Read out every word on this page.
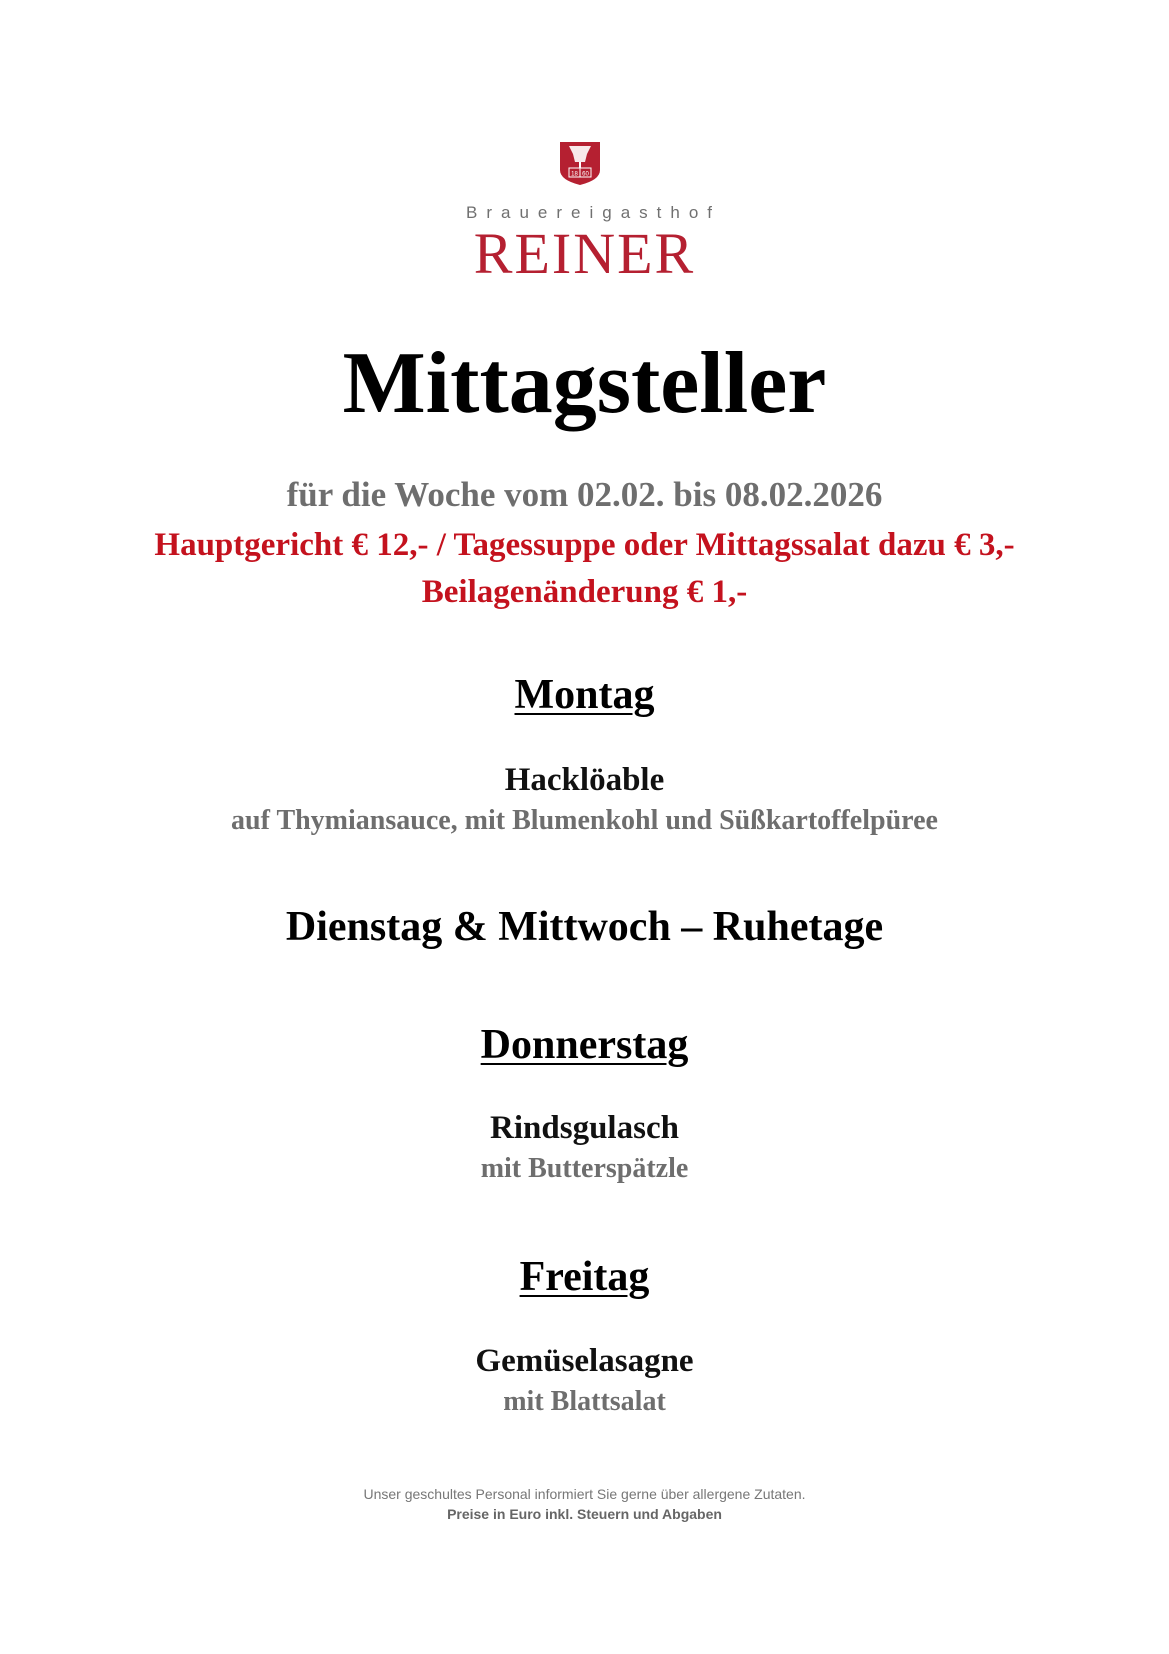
18 60
Brauereigasthof
REINER
Mittagsteller
für die Woche vom 02.02. bis 08.02.2026
Hauptgericht € 12,- / Tagessuppe oder Mittagssalat dazu € 3,-
Beilagenänderung € 1,-
Montag
Hacklöable
auf Thymiansauce, mit Blumenkohl und Süßkartoffelpüree
Dienstag & Mittwoch – Ruhetage
Donnerstag
Rindsgulasch
mit Butterspätzle
Freitag
Gemüselasagne
mit Blattsalat
Unser geschultes Personal informiert Sie gerne über allergene Zutaten.
Preise in Euro inkl. Steuern und Abgaben
